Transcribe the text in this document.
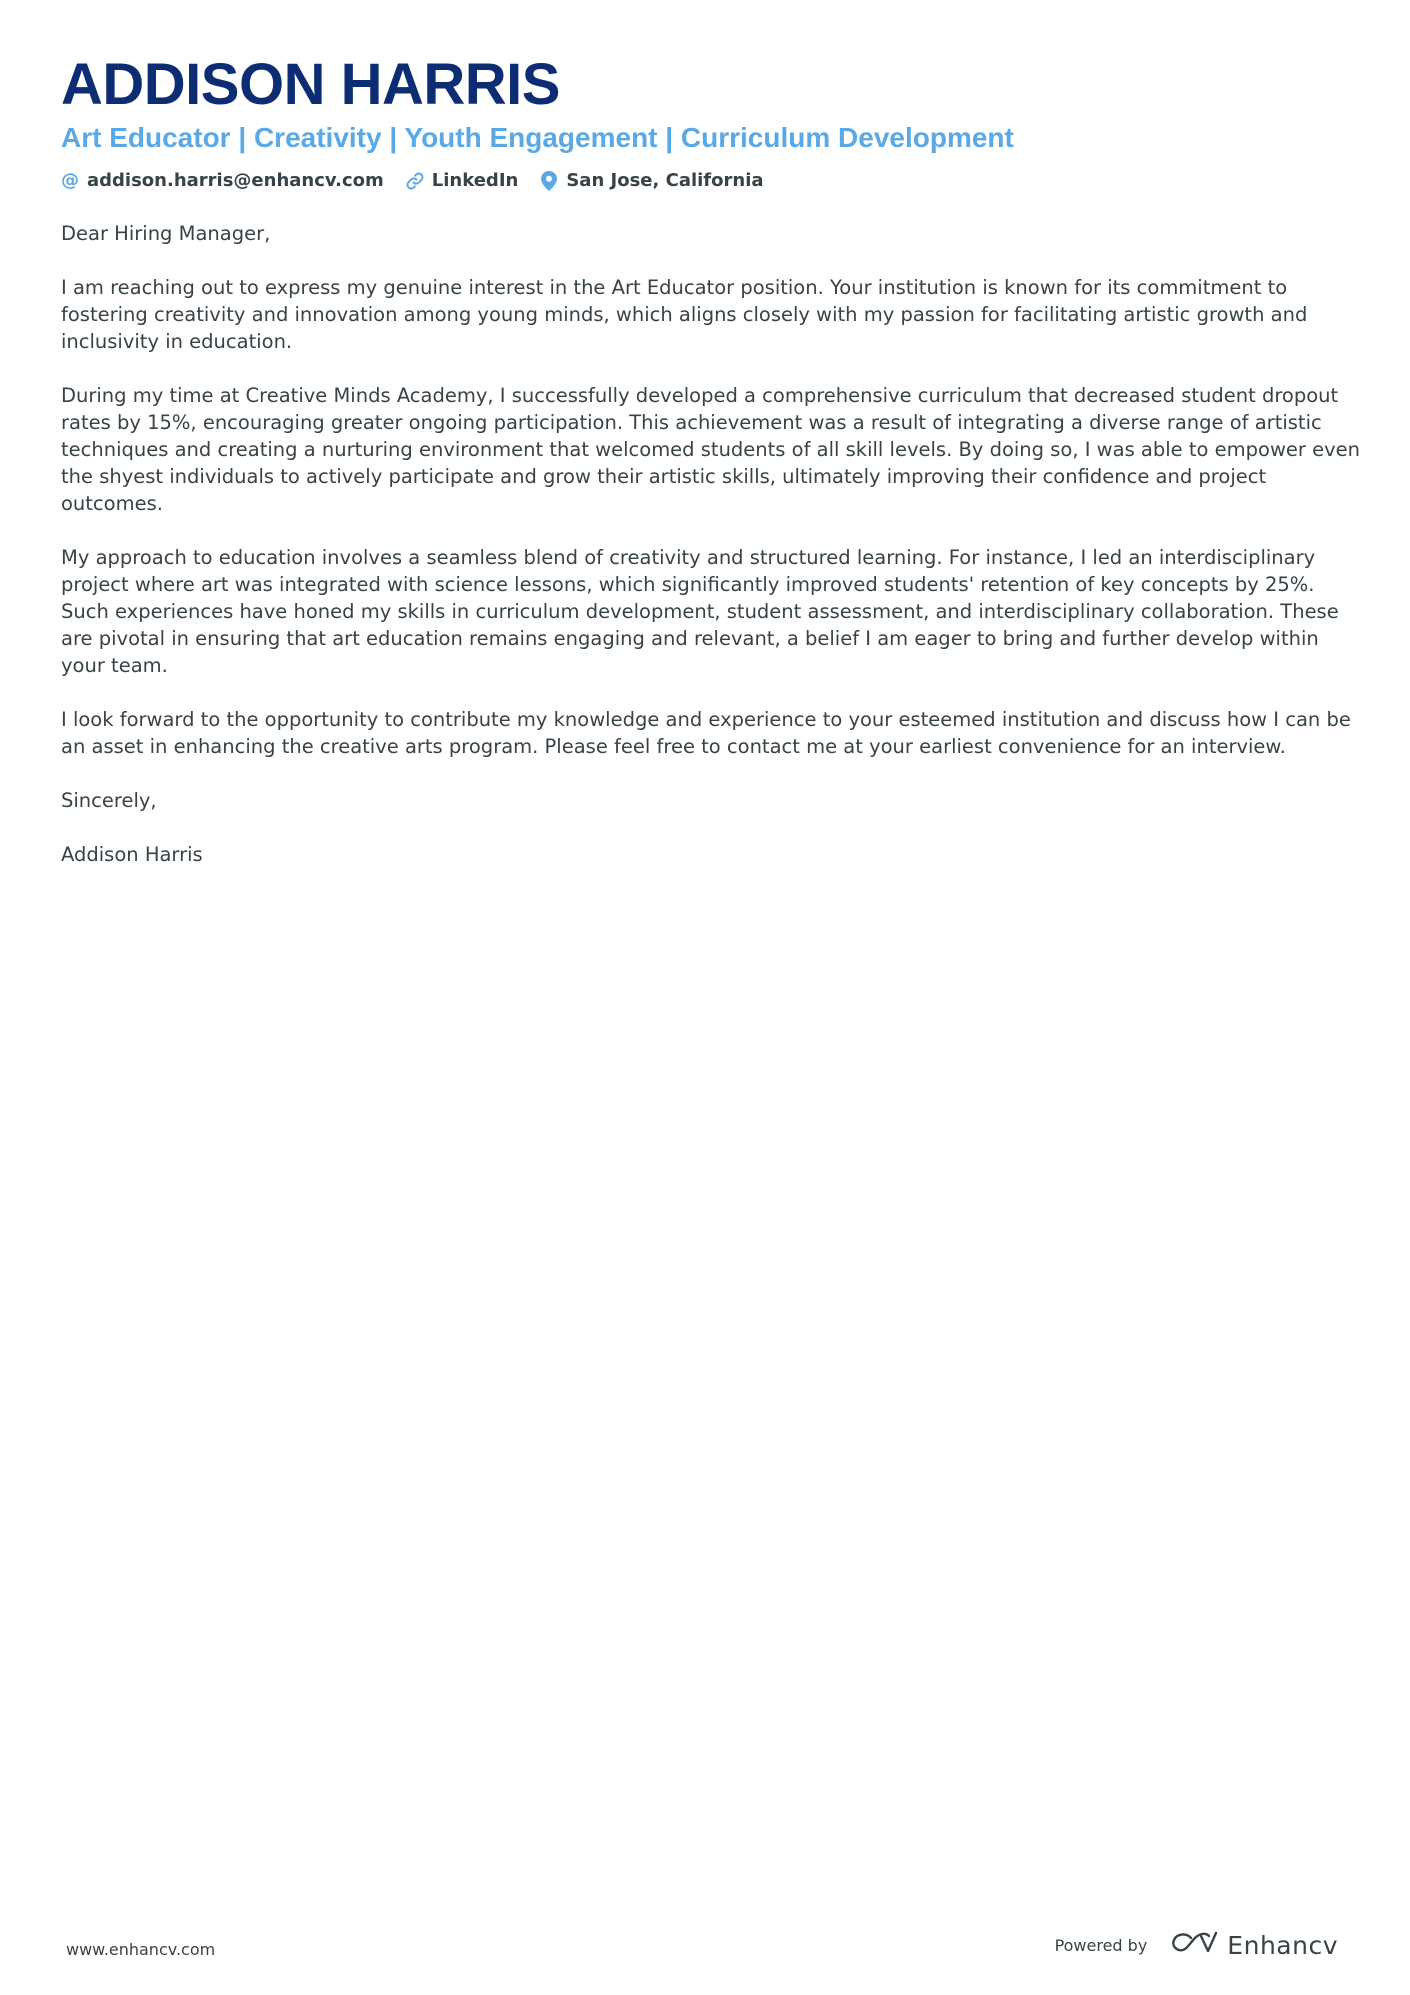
ADDISON HARRIS
Art Educator | Creativity | Youth Engagement | Curriculum Development
@ addison.harris@enhancv.com	LinkedIn	San Jose, California

Dear Hiring Manager,

I am reaching out to express my genuine interest in the Art Educator position. Your institution is known for its commitment to fostering creativity and innovation among young minds, which aligns closely with my passion for facilitating artistic growth and inclusivity in education.

During my time at Creative Minds Academy, I successfully developed a comprehensive curriculum that decreased student dropout rates by 15%, encouraging greater ongoing participation. This achievement was a result of integrating a diverse range of artistic techniques and creating a nurturing environment that welcomed students of all skill levels. By doing so, I was able to empower even the shyest individuals to actively participate and grow their artistic skills, ultimately improving their confidence and project outcomes.

My approach to education involves a seamless blend of creativity and structured learning. For instance, I led an interdisciplinary project where art was integrated with science lessons, which significantly improved students' retention of key concepts by 25%. Such experiences have honed my skills in curriculum development, student assessment, and interdisciplinary collaboration. These are pivotal in ensuring that art education remains engaging and relevant, a belief I am eager to bring and further develop within your team.

I look forward to the opportunity to contribute my knowledge and experience to your esteemed institution and discuss how I can be an asset in enhancing the creative arts program. Please feel free to contact me at your earliest convenience for an interview.

Sincerely,

Addison Harris

www.enhancv.com	Powered by	Enhancv
